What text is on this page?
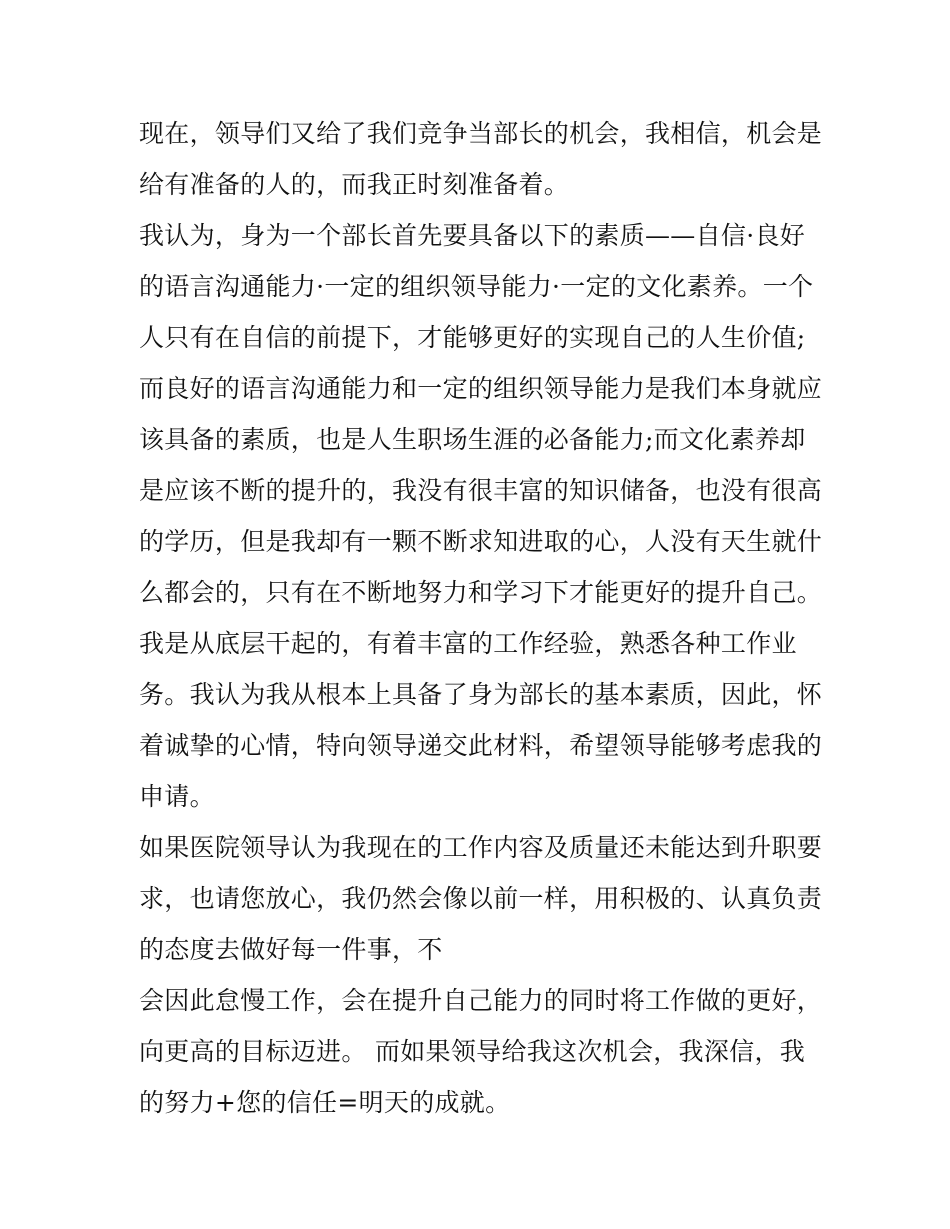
现在，领导们又给了我们竞争当部长的机会，我相信，机会是
给有准备的人的，而我正时刻准备着。
我认为，身为一个部长首先要具备以下的素质——自信·良好
的语言沟通能力·一定的组织领导能力·一定的文化素养。一个
人只有在自信的前提下，才能够更好的实现自己的人生价值;
而良好的语言沟通能力和一定的组织领导能力是我们本身就应
该具备的素质，也是人生职场生涯的必备能力;而文化素养却
是应该不断的提升的，我没有很丰富的知识储备，也没有很高
的学历，但是我却有一颗不断求知进取的心，人没有天生就什
么都会的，只有在不断地努力和学习下才能更好的提升自己。
我是从底层干起的，有着丰富的工作经验，熟悉各种工作业
务。我认为我从根本上具备了身为部长的基本素质，因此，怀
着诚挚的心情，特向领导递交此材料，希望领导能够考虑我的
申请。
如果医院领导认为我现在的工作内容及质量还未能达到升职要
求，也请您放心，我仍然会像以前一样，用积极的、认真负责
的态度去做好每一件事，不
会因此怠慢工作，会在提升自己能力的同时将工作做的更好，
向更高的目标迈进。 而如果领导给我这次机会，我深信，我
的努力+您的信任=明天的成就。
